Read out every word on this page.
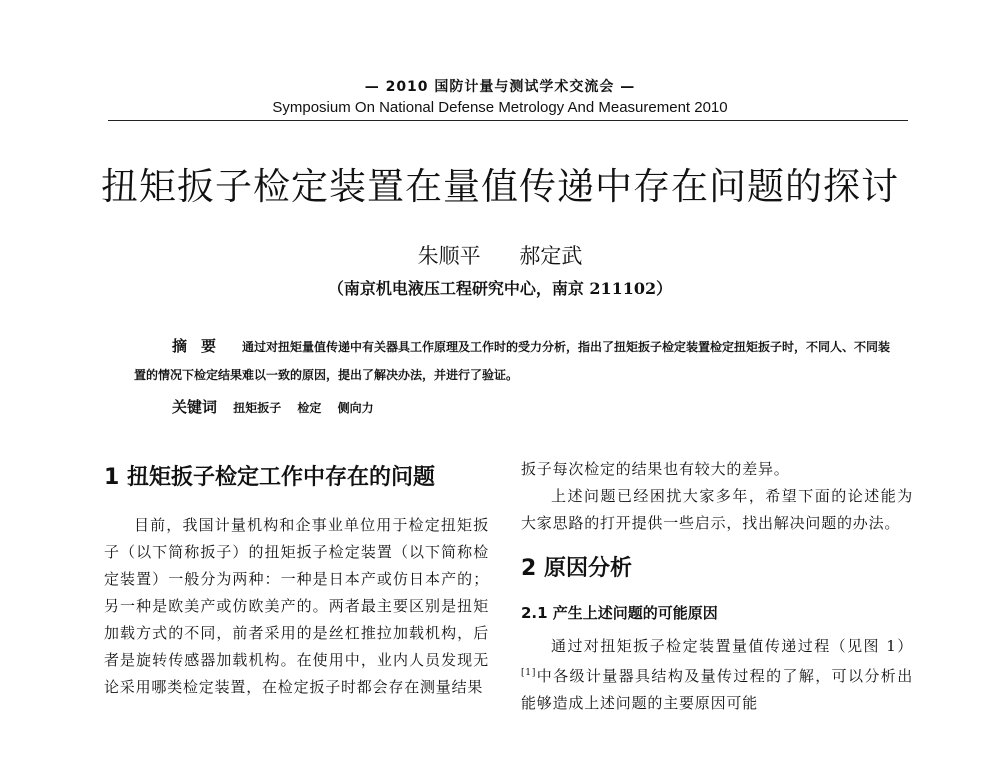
— 2010 国防计量与测试学术交流会 —
Symposium On National Defense Metrology And Measurement 2010
扭矩扳子检定装置在量值传递中存在问题的探讨
朱顺平 郝定武
（南京机电液压工程研究中心，南京 211102）
摘要 通过对扭矩量值传递中有关器具工作原理及工作时的受力分析，指出了扭矩扳子检定装置检定扭矩扳子时，不同人、不同装置的情况下检定结果难以一致的原因，提出了解决办法，并进行了验证。
关键词 扭矩扳子 检定 侧向力
1 扭矩扳子检定工作中存在的问题

目前，我国计量机构和企事业单位用于检定扭矩扳子（以下简称扳子）的扭矩扳子检定装置（以下简称检定装置）一般分为两种：一种是日本产或仿日本产的；另一种是欧美产或仿欧美产的。两者最主要区别是扭矩加载方式的不同，前者采用的是丝杠推拉加载机构，后者是旋转传感器加载机构。在使用中，业内人员发现无论采用哪类检定装置，在检定扳子时都会存在测量结果

扳子每次检定的结果也有较大的差异。

上述问题已经困扰大家多年，希望下面的论述能为大家思路的打开提供一些启示，找出解决问题的办法。

2 原因分析
2.1 产生上述问题的可能原因

通过对扭矩扳子检定装置量值传递过程（见图 1）[1]中各级计量器具结构及量传过程的了解，可以分析出能够造成上述问题的主要原因可能
